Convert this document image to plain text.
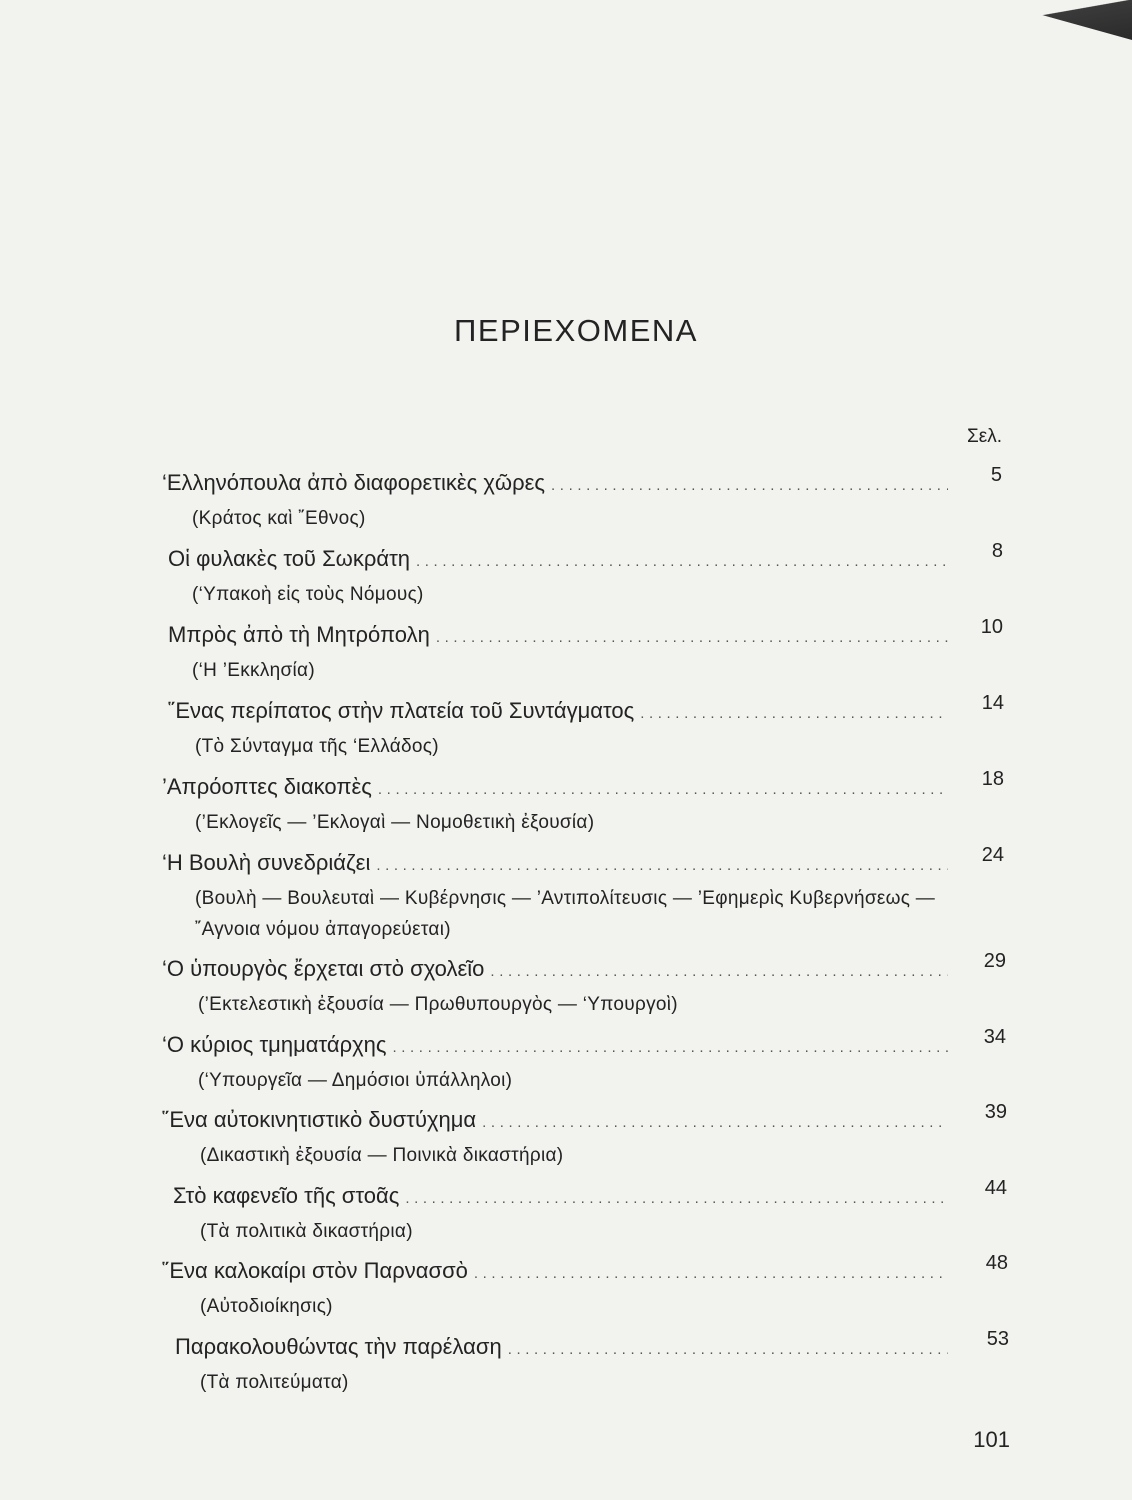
ΠΕΡΙΕΧΟΜΕΝΑ
Σελ.
‘Ελληνόπουλα ἀπὸ διαφορετικὲς χῶρες .....	5
(Κράτος καὶ ῎Εθνος)
Οἱ φυλακὲς τοῦ Σωκράτη .....	8
(‘Υπακοὴ εἰς τοὺς Νόμους)
Μπρὸς ἀπὸ τὴ Μητρόπολη .....	10
(‘Η ’Εκκλησία)
῞Ενας περίπατος στὴν πλατεία τοῦ Συντάγματος .....	14
(Τὸ Σύνταγμα τῆς ‘Ελλάδος)
’Απρόοπτες διακοπὲς .....	18
(’Εκλογεῖς — ’Εκλογαὶ — Νομοθετικὴ ἐξουσία)
‘Η Βουλὴ συνεδριάζει .....	24
(Βουλὴ — Βουλευταὶ — Κυβέρνησις — ’Αντιπολίτευσις — ’Εφημερὶς Κυβερνήσεως — ῎Αγνοια νόμου ἀπαγορεύεται)
‘Ο ὑπουργὸς ἔρχεται στὸ σχολεῖο .....	29
(’Εκτελεστικὴ ἐξουσία — Πρωθυπουργὸς — ‘Υπουργοὶ)
‘Ο κύριος τμηματάρχης .....	34
(‘Υπουργεῖα — Δημόσιοι ὑπάλληλοι)
῞Ενα αὐτοκινητιστικὸ δυστύχημα .....	39
(Δικαστικὴ ἐξουσία — Ποινικὰ δικαστήρια)
Στὸ καφενεῖο τῆς στοᾶς .....	44
(Τὰ πολιτικὰ δικαστήρια)
῞Ενα καλοκαίρι στὸν Παρνασσὸ .....	48
(Αὐτοδιοίκησις)
Παρακολουθώντας τὴν παρέλαση .....	53
(Τὰ πολιτεύματα)
101
